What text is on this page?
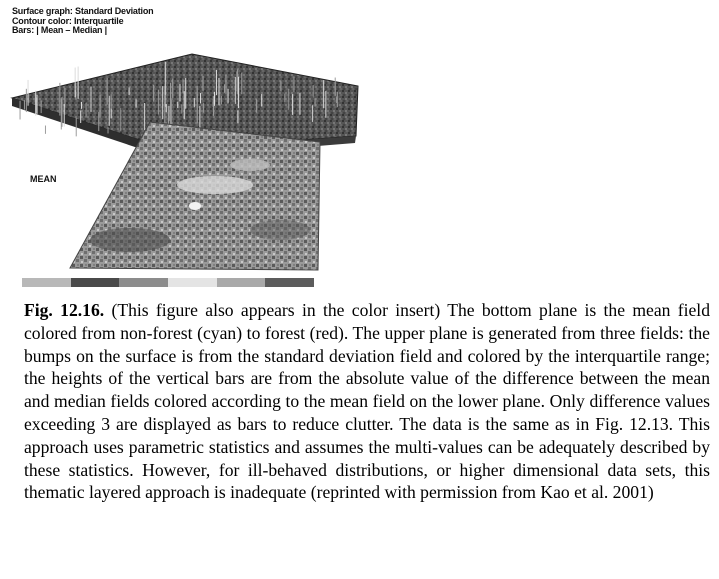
Surface graph: Standard Deviation
Contour color: Interquartile
Bars: | Mean – Median |
MEAN
Fig. 12.16. (This figure also appears in the color insert) The bottom plane is the mean field colored from non-forest (cyan) to forest (red). The upper plane is generated from three fields: the bumps on the surface is from the standard deviation field and colored by the interquartile range; the heights of the vertical bars are from the absolute value of the difference between the mean and median fields colored according to the mean field on the lower plane. Only difference values exceeding 3 are displayed as bars to reduce clutter. The data is the same as in Fig. 12.13. This approach uses parametric statistics and assumes the multi-values can be adequately described by these statistics. However, for ill-behaved distributions, or higher dimensional data sets, this thematic layered approach is inadequate (reprinted with permission from Kao et al. 2001)
